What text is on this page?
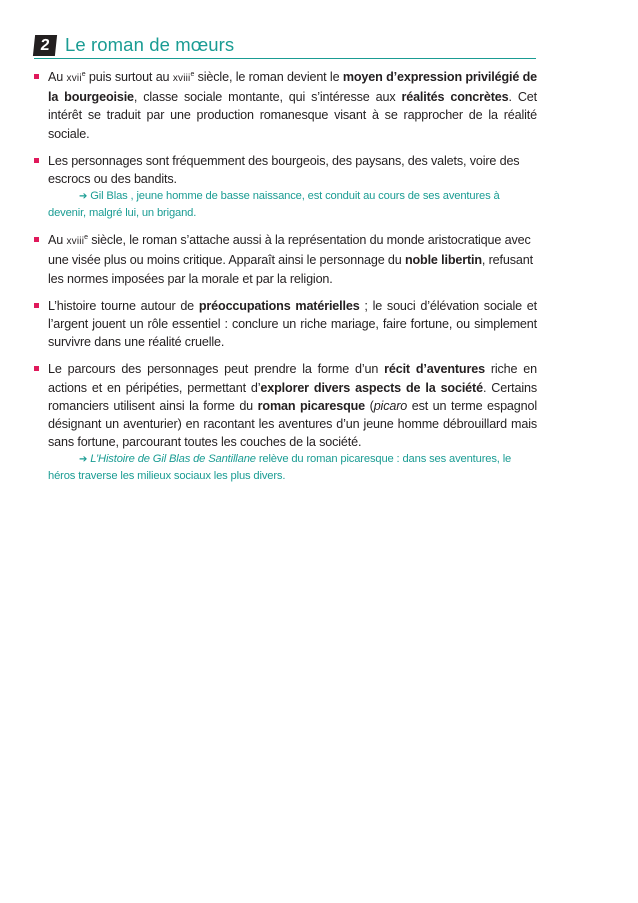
2 Le roman de mœurs

Au xvii$^e$ puis surtout au xviii$^e$ siècle, le roman devient le moyen d’expression privilégié de la bourgeoisie, classe sociale montante, qui s’intéresse aux réalités concrètes. Cet intérêt se traduit par une production romanesque visant à se rapprocher de la réalité sociale.

Les personnages sont fréquemment des bourgeois, des paysans, des valets, voire des escrocs ou des bandits.

➔ Gil Blas , jeune homme de basse naissance, est conduit au cours de ses aventures à devenir, malgré lui, un brigand.

Au xviii$^e$ siècle, le roman s’attache aussi à la représentation du monde aristocratique avec une visée plus ou moins critique. Apparaît ainsi le personnage du noble libertin, refusant les normes imposées par la morale et par la religion.

L’histoire tourne autour de préoccupations matérielles ; le souci d’élévation sociale et l’argent jouent un rôle essentiel : conclure un riche mariage, faire fortune, ou simplement survivre dans une réalité cruelle.

Le parcours des personnages peut prendre la forme d’un récit d’aventures riche en actions et en péripéties, permettant d’explorer divers aspects de la société. Certains romanciers utilisent ainsi la forme du roman picaresque (picaro est un terme espagnol désignant un aventurier) en racontant les aventures d’un jeune homme débrouillard mais sans fortune, parcourant toutes les couches de la société.

➔ L’Histoire de Gil Blas de Santillane relève du roman picaresque : dans ses aventures, le héros traverse les milieux sociaux les plus divers.
